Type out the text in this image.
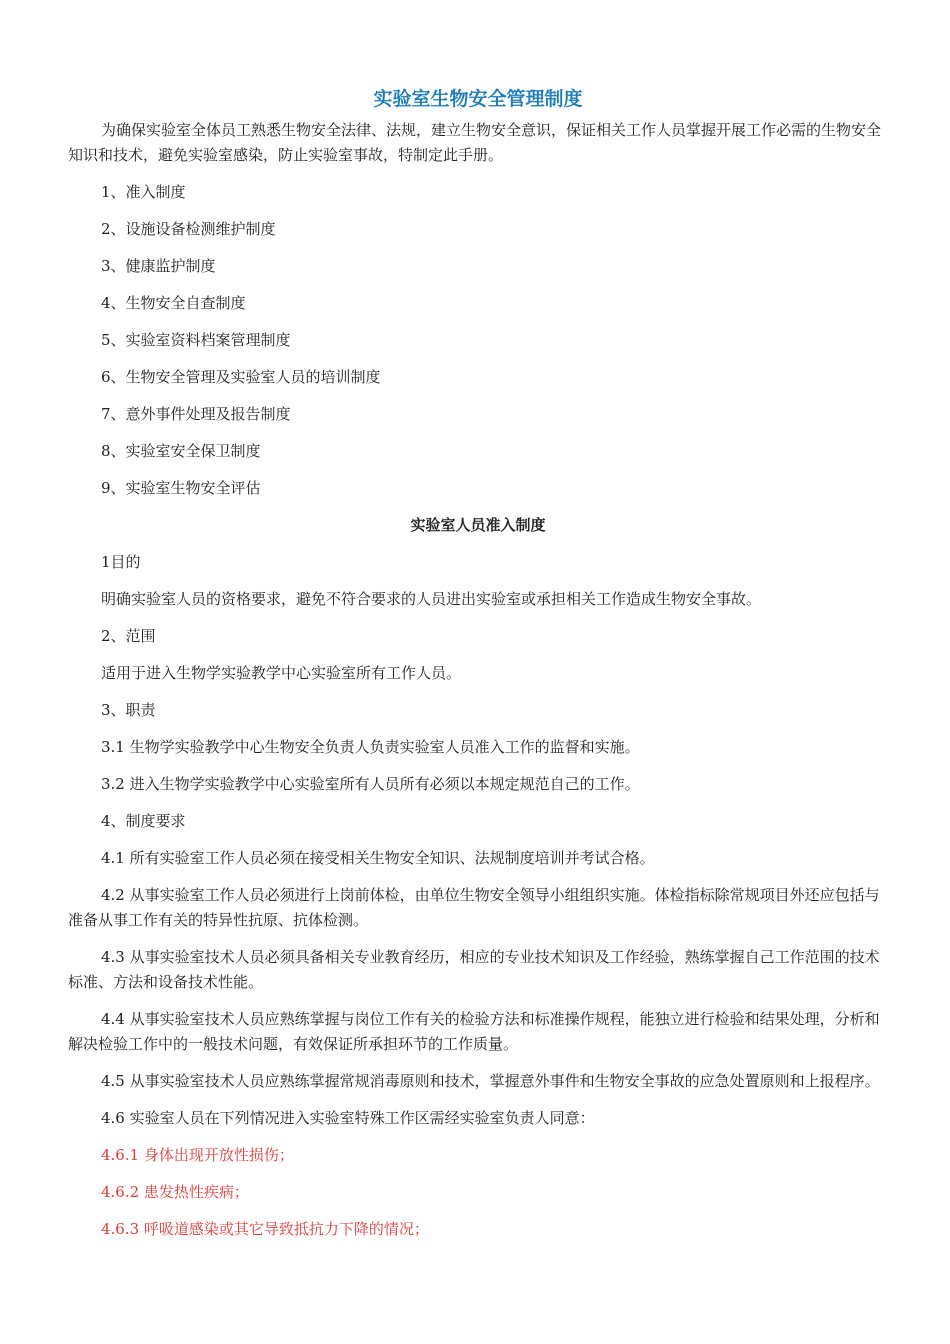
实验室生物安全管理制度

为确保实验室全体员工熟悉生物安全法律、法规，建立生物安全意识，保证相关工作人员掌握开展工作必需的生物安全知识和技术，避免实验室感染，防止实验室事故，特制定此手册。

1、准入制度

2、设施设备检测维护制度

3、健康监护制度

4、生物安全自查制度

5、实验室资料档案管理制度

6、生物安全管理及实验室人员的培训制度

7、意外事件处理及报告制度

8、实验室安全保卫制度

9、实验室生物安全评估

实验室人员准入制度

1目的

明确实验室人员的资格要求，避免不符合要求的人员进出实验室或承担相关工作造成生物安全事故。

2、范围

适用于进入生物学实验教学中心实验室所有工作人员。

3、职责

3.1 生物学实验教学中心生物安全负责人负责实验室人员准入工作的监督和实施。

3.2 进入生物学实验教学中心实验室所有人员所有必须以本规定规范自己的工作。

4、制度要求

4.1 所有实验室工作人员必须在接受相关生物安全知识、法规制度培训并考试合格。

4.2 从事实验室工作人员必须进行上岗前体检，由单位生物安全领导小组组织实施。体检指标除常规项目外还应包括与准备从事工作有关的特异性抗原、抗体检测。

4.3 从事实验室技术人员必须具备相关专业教育经历，相应的专业技术知识及工作经验，熟练掌握自己工作范围的技术标准、方法和设备技术性能。

4.4 从事实验室技术人员应熟练掌握与岗位工作有关的检验方法和标准操作规程，能独立进行检验和结果处理，分析和解决检验工作中的一般技术问题，有效保证所承担环节的工作质量。

4.5 从事实验室技术人员应熟练掌握常规消毒原则和技术，掌握意外事件和生物安全事故的应急处置原则和上报程序。

4.6 实验室人员在下列情况进入实验室特殊工作区需经实验室负责人同意：

4.6.1 身体出现开放性损伤；

4.6.2 患发热性疾病；

4.6.3 呼吸道感染或其它导致抵抗力下降的情况；
